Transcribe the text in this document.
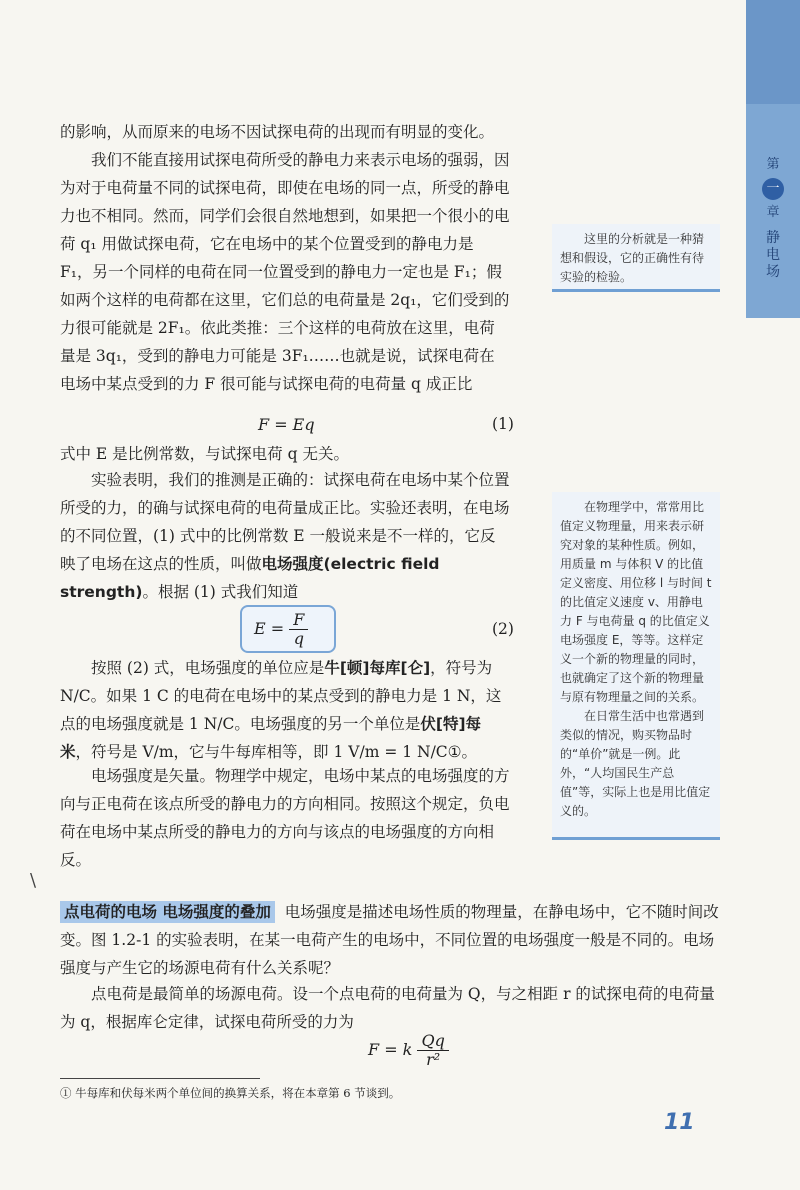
第
一
章
静电场

的影响，从而原来的电场不因试探电荷的出现而有明显的变化。

我们不能直接用试探电荷所受的静电力来表示电场的强弱，因为对于电荷量不同的试探电荷，即使在电场的同一点，所受的静电力也不相同。然而，同学们会很自然地想到，如果把一个很小的电荷 q₁ 用做试探电荷，它在电场中的某个位置受到的静电力是 F₁，另一个同样的电荷在同一位置受到的静电力一定也是 F₁；假如两个这样的电荷都在这里，它们总的电荷量是 2q₁，它们受到的力很可能就是 2F₁。依此类推：三个这样的电荷放在这里，电荷量是 3q₁，受到的静电力可能是 3F₁……也就是说，试探电荷在电场中某点受到的力 F 很可能与试探电荷的电荷量 q 成正比

F = Eq	(1)

式中 E 是比例常数，与试探电荷 q 无关。

实验表明，我们的推测是正确的：试探电荷在电场中某个位置所受的力，的确与试探电荷的电荷量成正比。实验还表明，在电场的不同位置，(1) 式中的比例常数 E 一般说来是不一样的，它反映了电场在这点的性质，叫做电场强度(electric field strength)。根据 (1) 式我们知道

$E = \frac{F}{q}$	(2)

按照 (2) 式，电场强度的单位应是牛[顿]每库[仑]，符号为 N/C。如果 1 C 的电荷在电场中的某点受到的静电力是 1 N，这点的电场强度就是 1 N/C。电场强度的另一个单位是伏[特]每米，符号是 V/m，它与牛每库相等，即 1 V/m = 1 N/C①。

电场强度是矢量。物理学中规定，电场中某点的电场强度的方向与正电荷在该点所受的静电力的方向相同。按照这个规定，负电荷在电场中某点所受的静电力的方向与该点的电场强度的方向相反。

\

点电荷的电场 电场强度的叠加 电场强度是描述电场性质的物理量，在静电场中，它不随时间改变。图 1.2-1 的实验表明，在某一电荷产生的电场中，不同位置的电场强度一般是不同的。电场强度与产生它的场源电荷有什么关系呢？

点电荷是最简单的场源电荷。设一个点电荷的电荷量为 Q，与之相距 r 的试探电荷的电荷量为 q，根据库仑定律，试探电荷所受的力为

F = k $\frac{Qq}{\text{r²}}$

这里的分析就是一种猜想和假设，它的正确性有待实验的检验。

在物理学中，常常用比值定义物理量，用来表示研究对象的某种性质。例如，用质量 m 与体积 V 的比值定义密度、用位移 l 与时间 t 的比值定义速度 v、用静电力 F 与电荷量 q 的比值定义电场强度 E，等等。这样定义一个新的物理量的同时，也就确定了这个新的物理量与原有物理量之间的关系。

在日常生活中也常遇到类似的情况，购买物品时的“单价”就是一例。此外，“人均国民生产总值”等，实际上也是用比值定义的。

① 牛每库和伏每米两个单位间的换算关系，将在本章第 6 节谈到。
11
